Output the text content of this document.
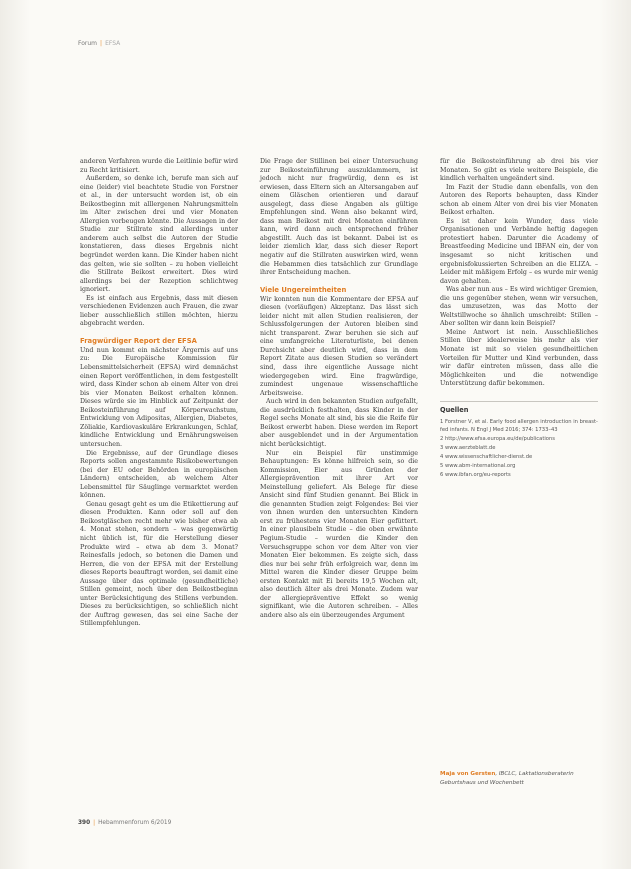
Forum | EFSA

anderen Verfahren wurde die Leitlinie befür wird zu Recht kritisiert.

Außerdem, so denke ich, berufe man sich auf eine (leider) viel beachtete Studie von Forstner et al., in der untersucht worden ist, ob ein Beikostbeginn mit alllergenen Nahrungsmitteln im Alter zwischen drei und vier Monaten Allergien vorbeugen könnte. Die Aussagen in der Studie zur Stillrate sind allerdings unter anderem auch selbst die Autoren der Studie konstatieren, dass dieses Ergebnis nicht begründet werden kann. Die Kinder haben nicht das gelten, wie sie sollten – zu hoben vielleicht die Stillrate Beikost erweitert. Dies wird allerdings bei der Rezeption schlichtweg ignoriert.

Es ist einfach aus Ergebnis, dass mit diesen verschiedenen Evidenzen auch Frauen, die zwar lieber ausschließlich stillen möchten, hierzu abgebracht werden.

Fragwürdiger Report der EFSA

Und nun kommt ein nächster Ärgernis auf uns zu: Die Europäische Kommission für Lebensmittelsicherheit (EFSA) wird demnächst einen Report veröffentlichen, in dem festgestellt wird, dass Kinder schon ab einem Alter von drei bis vier Monaten Beikost erhalten können. Dieses würde sie im Hinblick auf Zeitpunkt der Beikosteinführung auf Körperwachstum, Entwicklung von Adipositas, Allergien, Diabetes, Zöliakie, Kardiovaskuläre Erkrankungen, Schlaf, kindliche Entwicklung und Ernährungsweisen untersuchen.

Die Ergebnisse, auf der Grundlage dieses Reports sollen angestammte Risikobewertungen (bei der EU oder Behörden in europäischen Ländern) entscheiden, ab welchem Alter Lebensmittel für Säuglinge vermarktet werden können.

Genau gesagt geht es um die Etikettierung auf diesen Produkten. Kann oder soll auf den Beikostgläschen recht mehr wie bisher etwa ab 4. Monat stehen, sondern – was gegenwärtig nicht üblich ist, für die Herstellung dieser Produkte wird – etwa ab dem 3. Monat? Reinesfalls jedoch, so betonen die Damen und Herren, die von der EFSA mit der Erstellung dieses Reports beauftragt worden, sei damit eine Aussage über das optimale (gesundheitliche) Stillen gemeint, noch über den Beikostbeginn unter Berücksichtigung des Stillens verbunden. Dieses zu berücksichtigen, so schließlich nicht der Auftrag gewesen, das sei eine Sache der Stillempfehlungen.

Die Frage der Stillinen bei einer Untersuchung zur Beikosteinführung auszuklammern, ist jedoch nicht nur fragwürdig, denn es ist erwiesen, dass Eltern sich an Altersangaben auf einem Gläschen orientieren und darauf ausgelegt, dass diese Angaben als gültige Empfehlungen sind. Wenn also bekannt wird, dass man Beikost mit drei Monaten einführen kann, wird dann auch entsprechend früher abgestillt. Auch das ist bekannt. Dabei ist es leider ziemlich klar, dass sich dieser Report negativ auf die Stillraten auswirken wird, wenn die Hebammen dies tatsächlich zur Grundlage ihrer Entscheidung machen.

Viele Ungereimtheiten

Wir konnten nun die Kommentare der EFSA auf diesen (vorläufigen) Akzeptanz. Das lässt sich leider nicht mit allen Studien realisieren, der Schlussfolgerungen der Autoren bleiben sind nicht transparent. Zwar beruhen sie sich auf eine umfangreiche Literaturliste, bei denen Durchsicht aber deutlich wird, dass in dem Report Zitate aus diesen Studien so verändert sind, dass ihre eigentliche Aussage nicht wiedergegeben wird. Eine fragwürdige, zumindest ungenaue wissenschaftliche Arbeitsweise.

Auch wird in den bekannten Studien aufgefallt, die ausdrücklich festhalten, dass Kinder in der Regel sechs Monate alt sind, bis sie die Reife für Beikost erwerbt haben. Diese werden im Report aber ausgeblendet und in der Argumentation nicht berücksichtigt.

Nur ein Beispiel für unstimmige Behauptungen: Es könne hilfreich sein, so die Kommission, Eier aus Gründen der Allergieprävention mit ihrer Art vor Meinstellung geliefert. Als Belege für diese Ansicht sind fünf Studien genannt. Bei Blick in die genannten Studien zeigt Folgendes: Bei vier von ihnen wurden den untersuchten Kindern erst zu frühestens vier Monaten Eier gefüttert. In einer plausibeln Studie – die oben erwähnte Pegium-Studie – wurden die Kinder den Versuchsgruppe schon vor dem Alter von vier Monaten Eier bekommen. Es zeigte sich, dass dies nur bei sehr früh erfolgreich war, denn im Mittel waren die Kinder dieser Gruppe beim ersten Kontakt mit Ei bereits 19,5 Wochen alt, also deutlich älter als drei Monate. Zudem war der allergiepräventive Effekt so wenig signifikant, wie die Autoren schreiben. – Alles andere also als ein überzeugendes Argument

für die Beikosteinführung ab drei bis vier Monaten. So gibt es viele weitere Beispiele, die kindlich verhalten ungeändert sind.

Im Fazit der Studie dann ebenfalls, von den Autoren des Reports behaupten, dass Kinder schon ab einem Alter von drei bis vier Monaten Beikost erhalten.

Es ist daher kein Wunder, dass viele Organisationen und Verbände heftig dagegen protestiert haben. Darunter die Academy of Breastfeeding Medicine und IBFAN ein, der von insgesamt so nicht kritischen und ergebnisfokussierten Schreiben an die ELIZA. – Leider mit mäßigem Erfolg – es wurde mir wenig davon gehalten.

Was aber nun aus – Es wird wichtiger Gremien, die uns gegenüber stehen, wenn wir versuchen, das umzusetzen, was das Motto der Weltstillwoche so ähnlich umschreibt: Stillen – Aber sollten wir dann kein Beispiel?

Meine Antwort ist nein. Ausschließliches Stillen über idealerweise bis mehr als vier Monate ist mit so vielen gesundheitlichen Vorteilen für Mutter und Kind verbunden, dass wir dafür eintreten müssen, dass alle die Möglichkeiten und die notwendige Unterstützung dafür bekommen.

Quellen
1 Forstner V, et al. Early food allergen introduction in breast-fed infants. N Engl J Med 2016; 374: 1733–43
2 http://www.efsa.europa.eu/de/publications
3 www.aerzteblatt.de
4 www.wissenschaftlicher-dienst.de
5 www.abm-international.org
6 www.ibfan.org/eu-reports
Maja von Gersten, IBCLC, Laktationsberaterin Geburtshaus und Wochenbett
390 | Hebammenforum 6/2019
